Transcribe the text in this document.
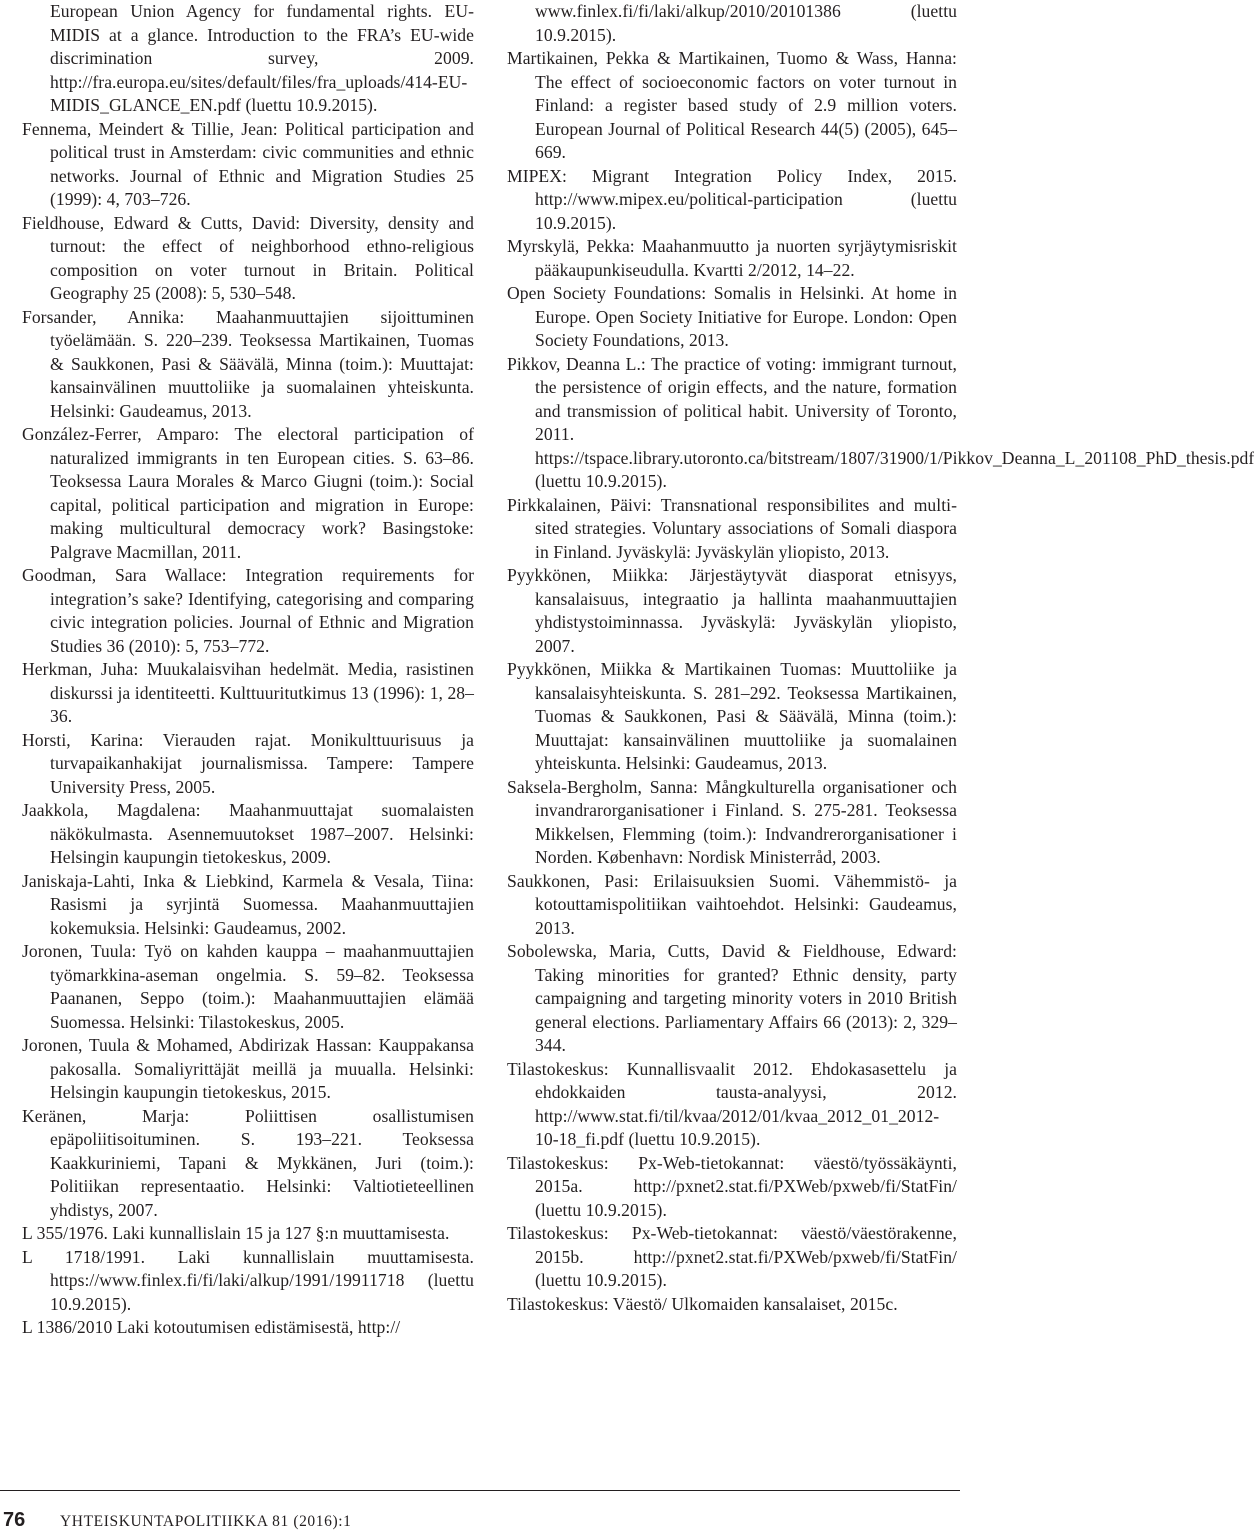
European Union Agency for fundamental rights. EU-MIDIS at a glance. Introduction to the FRA’s EU-wide discrimination survey, 2009. http://fra.europa.eu/sites/default/files/fra_uploads/414-EU-MIDIS_GLANCE_EN.pdf (luettu 10.9.2015).

Fennema, Meindert & Tillie, Jean: Political participation and political trust in Amsterdam: civic communities and ethnic networks. Journal of Ethnic and Migration Studies 25 (1999): 4, 703–726.

Fieldhouse, Edward & Cutts, David: Diversity, density and turnout: the effect of neighborhood ethno-religious composition on voter turnout in Britain. Political Geography 25 (2008): 5, 530–548.

Forsander, Annika: Maahanmuuttajien sijoittuminen työelämään. S. 220–239. Teoksessa Martikainen, Tuomas & Saukkonen, Pasi & Säävälä, Minna (toim.): Muuttajat: kansainvälinen muuttoliike ja suomalainen yhteiskunta. Helsinki: Gaudeamus, 2013.

González-Ferrer, Amparo: The electoral participation of naturalized immigrants in ten European cities. S. 63–86. Teoksessa Laura Morales & Marco Giugni (toim.): Social capital, political participation and migration in Europe: making multicultural democracy work? Basingstoke: Palgrave Macmillan, 2011.

Goodman, Sara Wallace: Integration requirements for integration’s sake? Identifying, categorising and comparing civic integration policies. Journal of Ethnic and Migration Studies 36 (2010): 5, 753–772.

Herkman, Juha: Muukalaisvihan hedelmät. Media, rasistinen diskurssi ja identiteetti. Kulttuuritutkimus 13 (1996): 1, 28–36.

Horsti, Karina: Vierauden rajat. Monikulttuurisuus ja turvapaikanhakijat journalismissa. Tampere: Tampere University Press, 2005.

Jaakkola, Magdalena: Maahanmuuttajat suomalaisten näkökulmasta. Asennemuutokset 1987–2007. Helsinki: Helsingin kaupungin tietokeskus, 2009.

Janiskaja-Lahti, Inka & Liebkind, Karmela & Vesala, Tiina: Rasismi ja syrjintä Suomessa. Maahanmuuttajien kokemuksia. Helsinki: Gaudeamus, 2002.

Joronen, Tuula: Työ on kahden kauppa – maahanmuuttajien työmarkkina-aseman ongelmia. S. 59–82. Teoksessa Paananen, Seppo (toim.): Maahanmuuttajien elämää Suomessa. Helsinki: Tilastokeskus, 2005.

Joronen, Tuula & Mohamed, Abdirizak Hassan: Kauppakansa pakosalla. Somaliyrittäjät meillä ja muualla. Helsinki: Helsingin kaupungin tietokeskus, 2015.

Keränen, Marja: Poliittisen osallistumisen epäpoliitisoituminen. S. 193–221. Teoksessa Kaakkuriniemi, Tapani & Mykkänen, Juri (toim.): Politiikan representaatio. Helsinki: Valtiotieteellinen yhdistys, 2007.

L 355/1976. Laki kunnallislain 15 ja 127 §:n muuttamisesta.

L 1718/1991. Laki kunnallislain muuttamisesta. https://www.finlex.fi/fi/laki/alkup/1991/19911718 (luettu 10.9.2015).

L 1386/2010 Laki kotoutumisen edistämisestä, http://

www.finlex.fi/fi/laki/alkup/2010/20101386 (luettu 10.9.2015).

Martikainen, Pekka & Martikainen, Tuomo & Wass, Hanna: The effect of socioeconomic factors on voter turnout in Finland: a register based study of 2.9 million voters. European Journal of Political Research 44(5) (2005), 645–669.

MIPEX: Migrant Integration Policy Index, 2015. http://www.mipex.eu/political-participation (luettu 10.9.2015).

Myrskylä, Pekka: Maahanmuutto ja nuorten syrjäytymisriskit pääkaupunkiseudulla. Kvartti 2/2012, 14–22.

Open Society Foundations: Somalis in Helsinki. At home in Europe. Open Society Initiative for Europe. London: Open Society Foundations, 2013.

Pikkov, Deanna L.: The practice of voting: immigrant turnout, the persistence of origin effects, and the nature, formation and transmission of political habit. University of Toronto, 2011. https://tspace.library.utoronto.ca/bitstream/1807/31900/1/Pikkov_Deanna_L_201108_PhD_thesis.pdf (luettu 10.9.2015).

Pirkkalainen, Päivi: Transnational responsibilites and multi-sited strategies. Voluntary associations of Somali diaspora in Finland. Jyväskylä: Jyväskylän yliopisto, 2013.

Pyykkönen, Miikka: Järjestäytyvät diasporat etnisyys, kansalaisuus, integraatio ja hallinta maahanmuuttajien yhdistystoiminnassa. Jyväskylä: Jyväskylän yliopisto, 2007.

Pyykkönen, Miikka & Martikainen Tuomas: Muuttoliike ja kansalaisyhteiskunta. S. 281–292. Teoksessa Martikainen, Tuomas & Saukkonen, Pasi & Säävälä, Minna (toim.): Muuttajat: kansainvälinen muuttoliike ja suomalainen yhteiskunta. Helsinki: Gaudeamus, 2013.

Saksela-Bergholm, Sanna: Mångkulturella organisationer och invandrarorganisationer i Finland. S. 275-281. Teoksessa Mikkelsen, Flemming (toim.): Indvandrerorganisationer i Norden. København: Nordisk Ministerråd, 2003.

Saukkonen, Pasi: Erilaisuuksien Suomi. Vähemmistö- ja kotouttamispolitiikan vaihtoehdot. Helsinki: Gaudeamus, 2013.

Sobolewska, Maria, Cutts, David & Fieldhouse, Edward: Taking minorities for granted? Ethnic density, party campaigning and targeting minority voters in 2010 British general elections. Parliamentary Affairs 66 (2013): 2, 329–344.

Tilastokeskus: Kunnallisvaalit 2012. Ehdokasasettelu ja ehdokkaiden tausta-analyysi, 2012. http://www.stat.fi/til/kvaa/2012/01/kvaa_2012_01_2012-10-18_fi.pdf (luettu 10.9.2015).

Tilastokeskus: Px-Web-tietokannat: väestö/työssäkäynti, 2015a. http://pxnet2.stat.fi/PXWeb/pxweb/fi/StatFin/ (luettu 10.9.2015).

Tilastokeskus: Px-Web-tietokannat: väestö/väestörakenne, 2015b. http://pxnet2.stat.fi/PXWeb/pxweb/fi/StatFin/ (luettu 10.9.2015).

Tilastokeskus: Väestö/ Ulkomaiden kansalaiset, 2015c.

76 YHTEISKUNTAPOLITIIKKA 81 (2016):1
